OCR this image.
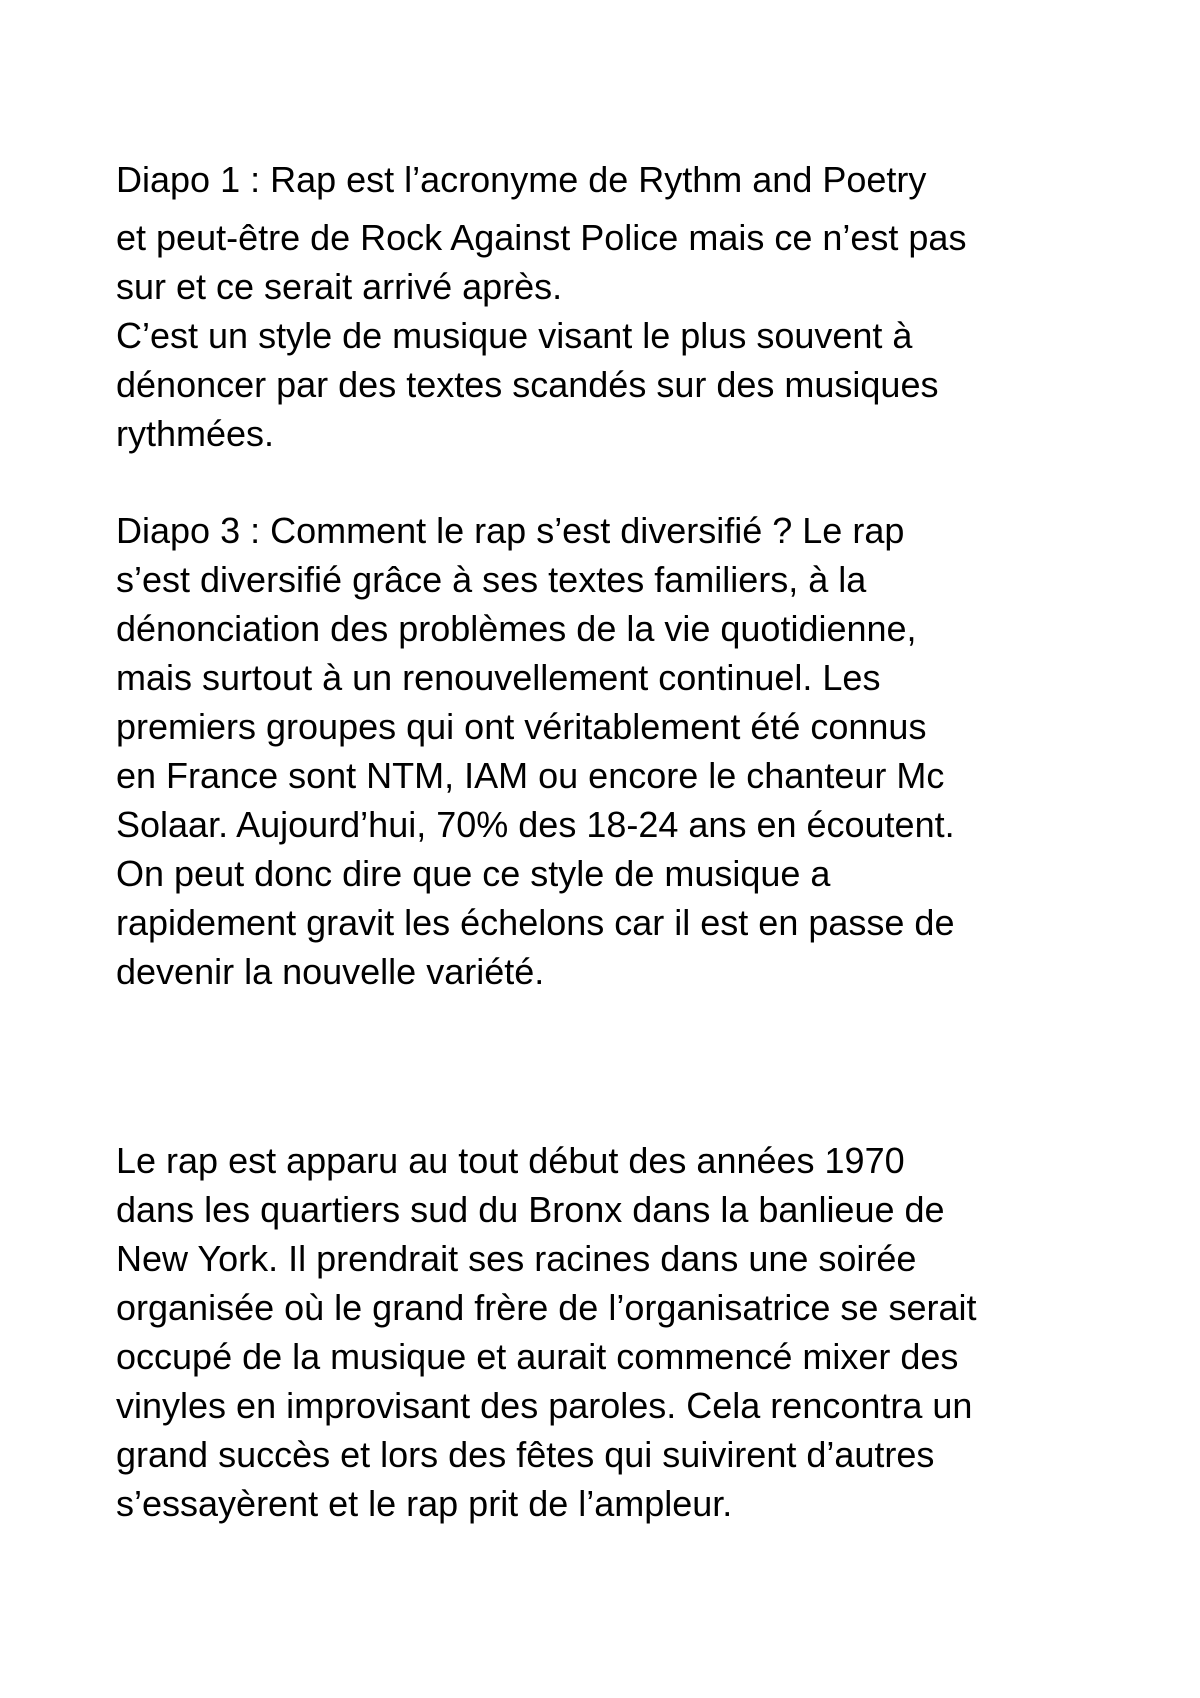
Diapo 1 : Rap est l’acronyme de Rythm and Poetry
et peut-être de Rock Against Police mais ce n’est pas
sur et ce serait arrivé après.
C’est un style de musique visant le plus souvent à
dénoncer par des textes scandés sur des musiques
rythmées.
Diapo 3 : Comment le rap s’est diversifié ? Le rap
s’est diversifié grâce à ses textes familiers, à la
dénonciation des problèmes de la vie quotidienne,
mais surtout à un renouvellement continuel. Les
premiers groupes qui ont véritablement été connus
en France sont NTM, IAM ou encore le chanteur Mc
Solaar. Aujourd’hui, 70% des 18-24 ans en écoutent.
On peut donc dire que ce style de musique a
rapidement gravit les échelons car il est en passe de
devenir la nouvelle variété.
Le rap est apparu au tout début des années 1970
dans les quartiers sud du Bronx dans la banlieue de
New York. Il prendrait ses racines dans une soirée
organisée où le grand frère de l’organisatrice se serait
occupé de la musique et aurait commencé mixer des
vinyles en improvisant des paroles. Cela rencontra un
grand succès et lors des fêtes qui suivirent d’autres
s’essayèrent et le rap prit de l’ampleur.
